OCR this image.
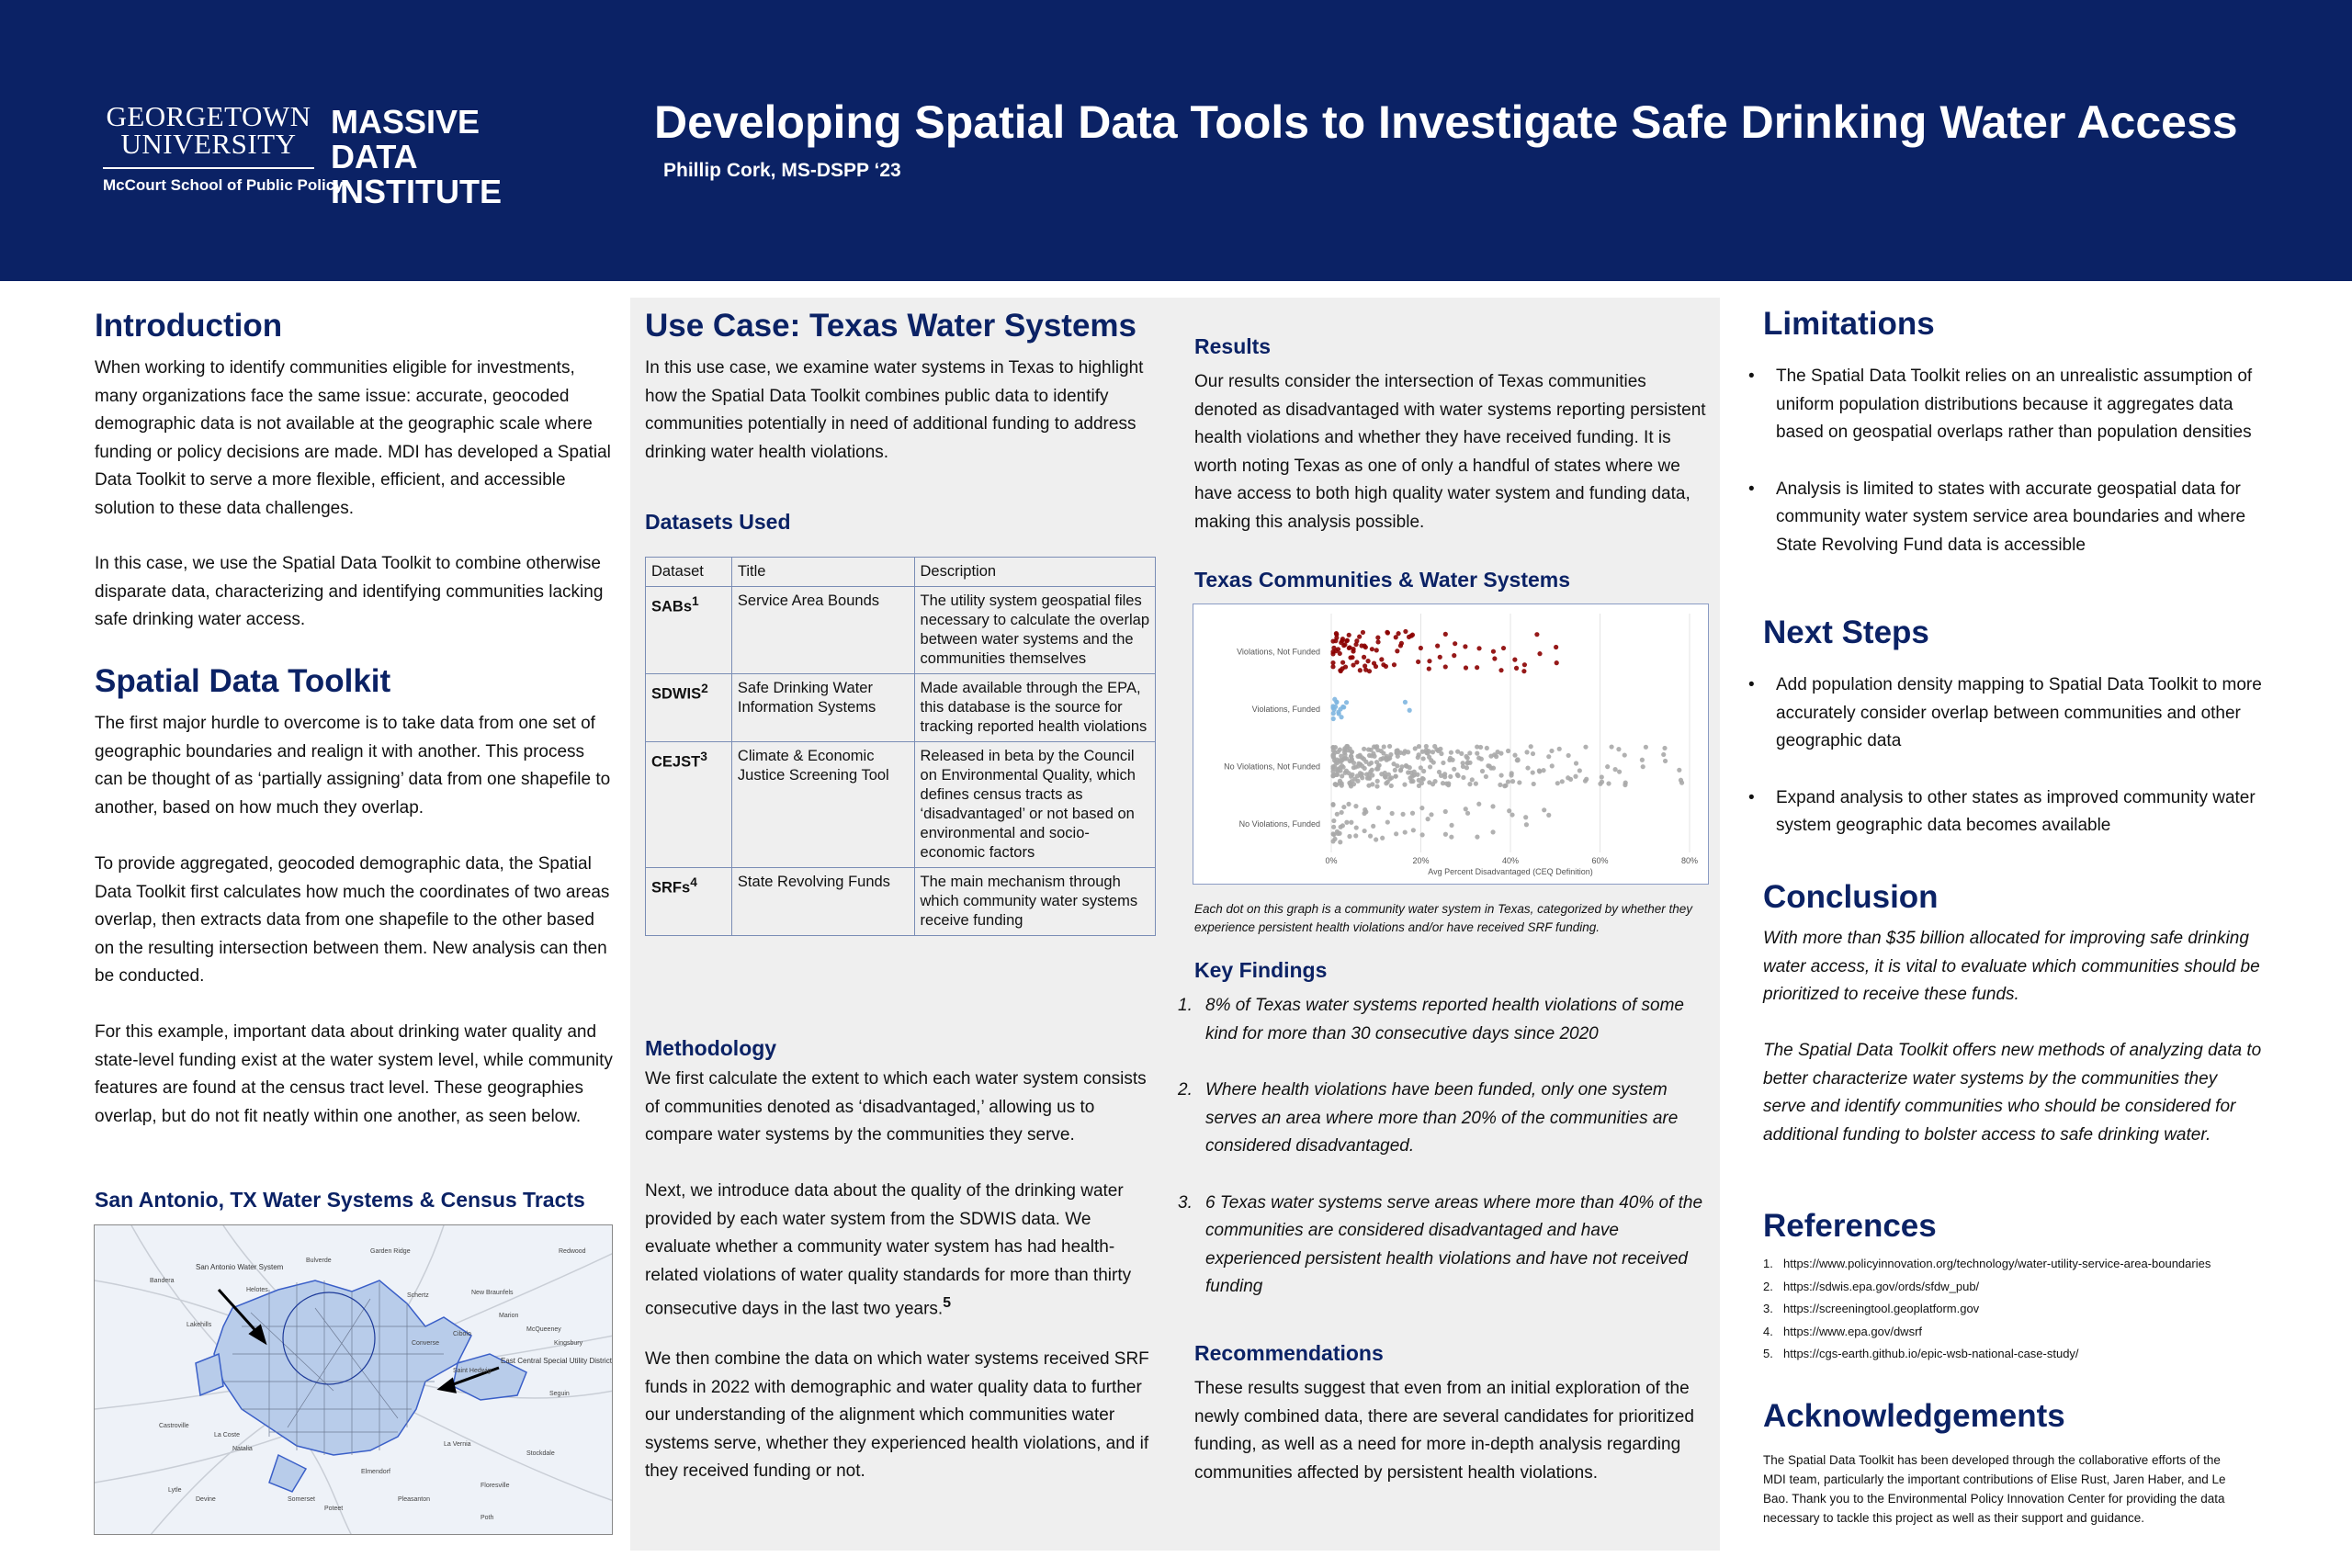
GEORGETOWN UNIVERSITY
McCourt School of Public Policy
MASSIVE
DATA
INSTITUTE
Developing Spatial Data Tools to Investigate Safe Drinking Water Access
Phillip Cork, MS-DSPP ‘23
Introduction

When working to identify communities eligible for investments, many organizations face the same issue: accurate, geocoded demographic data is not available at the geographic scale where funding or policy decisions are made. MDI has developed a Spatial Data Toolkit to serve a more flexible, efficient, and accessible solution to these data challenges.

In this case, we use the Spatial Data Toolkit to combine otherwise disparate data, characterizing and identifying communities lacking safe drinking water access.

Spatial Data Toolkit

The first major hurdle to overcome is to take data from one set of geographic boundaries and realign it with another. This process can be thought of as ‘partially assigning’ data from one shapefile to another, based on how much they overlap.

To provide aggregated, geocoded demographic data, the Spatial Data Toolkit first calculates how much the coordinates of two areas overlap, then extracts data from one shapefile to the other based on the resulting intersection between them. New analysis can then be conducted.

For this example, important data about drinking water quality and state-level funding exist at the water system level, while community features are found at the census tract level. These geographies overlap, but do not fit neatly within one another, as seen below.

San Antonio, TX Water Systems & Census Tracts
San Antonio Water System
East Central Special Utility District
Bandera
Lakehills
Helotes
Castroville
La Coste
Natalia
Devine
Lytle
Somerset
Poteet
Pleasanton
Floresville
Stockdale
Seguin
New Braunfels
Marion
McQueeney
Cibolo
Schertz
Converse
Bulverde
Redwood
Kingsbury
Saint Hedwig
Poth
Elmendorf
La Vernia
Garden Ridge
Use Case: Texas Water Systems

In this use case, we examine water systems in Texas to highlight how the Spatial Data Toolkit combines public data to identify communities potentially in need of additional funding to address drinking water health violations.

Datasets Used
Dataset	Title	Description
SABs$^1$	Service Area Bounds	The utility system geospatial files necessary to calculate the overlap between water systems and the communities themselves
SDWIS$^2$	Safe Drinking Water Information Systems	Made available through the EPA, this database is the source for tracking reported health violations
CEJST$^3$	Climate & Economic Justice Screening Tool	Released in beta by the Council on Environmental Quality, which defines census tracts as ‘disadvantaged’ or not based on environmental and socio-economic factors
SRFs$^4$	State Revolving Funds	The main mechanism through which community water systems receive funding
Methodology

We first calculate the extent to which each water system consists of communities denoted as ‘disadvantaged,’ allowing us to compare water systems by the communities they serve.

Next, we introduce data about the quality of the drinking water provided by each water system from the SDWIS data. We evaluate whether a community water system has had health-related violations of water quality standards for more than thirty consecutive days in the last two years.$^5$

We then combine the data on which water systems received SRF funds in 2022 with demographic and water quality data to further our understanding of the alignment which communities water systems serve, whether they experienced health violations, and if they received funding or not.

Results

Our results consider the intersection of Texas communities denoted as disadvantaged with water systems reporting persistent health violations and whether they have received funding. It is worth noting Texas as one of only a handful of states where we have access to both high quality water system and funding data, making this analysis possible.

Texas Communities & Water Systems
0%	20%	40%	60%	80%
Avg Percent Disadvantaged (CEQ Definition)
Violations, Not Funded
Violations, Funded
No Violations, Not Funded
No Violations, Funded

Each dot on this graph is a community water system in Texas, categorized by whether they experience persistent health violations and/or have received SRF funding.

Key Findings
1. 8% of Texas water systems reported health violations of some kind for more than 30 consecutive days since 2020
2. Where health violations have been funded, only one system serves an area where more than 20% of the communities are considered disadvantaged.
3. 6 Texas water systems serve areas where more than 40% of the communities are considered disadvantaged and have experienced persistent health violations and have not received funding
Recommendations

These results suggest that even from an initial exploration of the newly combined data, there are several candidates for prioritized funding, as well as a need for more in-depth analysis regarding communities affected by persistent health violations.

Limitations
• The Spatial Data Toolkit relies on an unrealistic assumption of uniform population distributions because it aggregates data based on geospatial overlaps rather than population densities
• Analysis is limited to states with accurate geospatial data for community water system service area boundaries and where State Revolving Fund data is accessible
Next Steps
• Add population density mapping to Spatial Data Toolkit to more accurately consider overlap between communities and other geographic data
• Expand analysis to other states as improved community water system geographic data becomes available
Conclusion

With more than $35 billion allocated for improving safe drinking water access, it is vital to evaluate which communities should be prioritized to receive these funds.

The Spatial Data Toolkit offers new methods of analyzing data to better characterize water systems by the communities they serve and identify communities who should be considered for additional funding to bolster access to safe drinking water.

References
1. https://www.policyinnovation.org/technology/water-utility-service-area-boundaries
2. https://sdwis.epa.gov/ords/sfdw_pub/
3. https://screeningtool.geoplatform.gov
4. https://www.epa.gov/dwsrf
5. https://cgs-earth.github.io/epic-wsb-national-case-study/
Acknowledgements

The Spatial Data Toolkit has been developed through the collaborative efforts of the MDI team, particularly the important contributions of Elise Rust, Jaren Haber, and Le Bao. Thank you to the Environmental Policy Innovation Center for providing the data necessary to tackle this project as well as their support and guidance.
